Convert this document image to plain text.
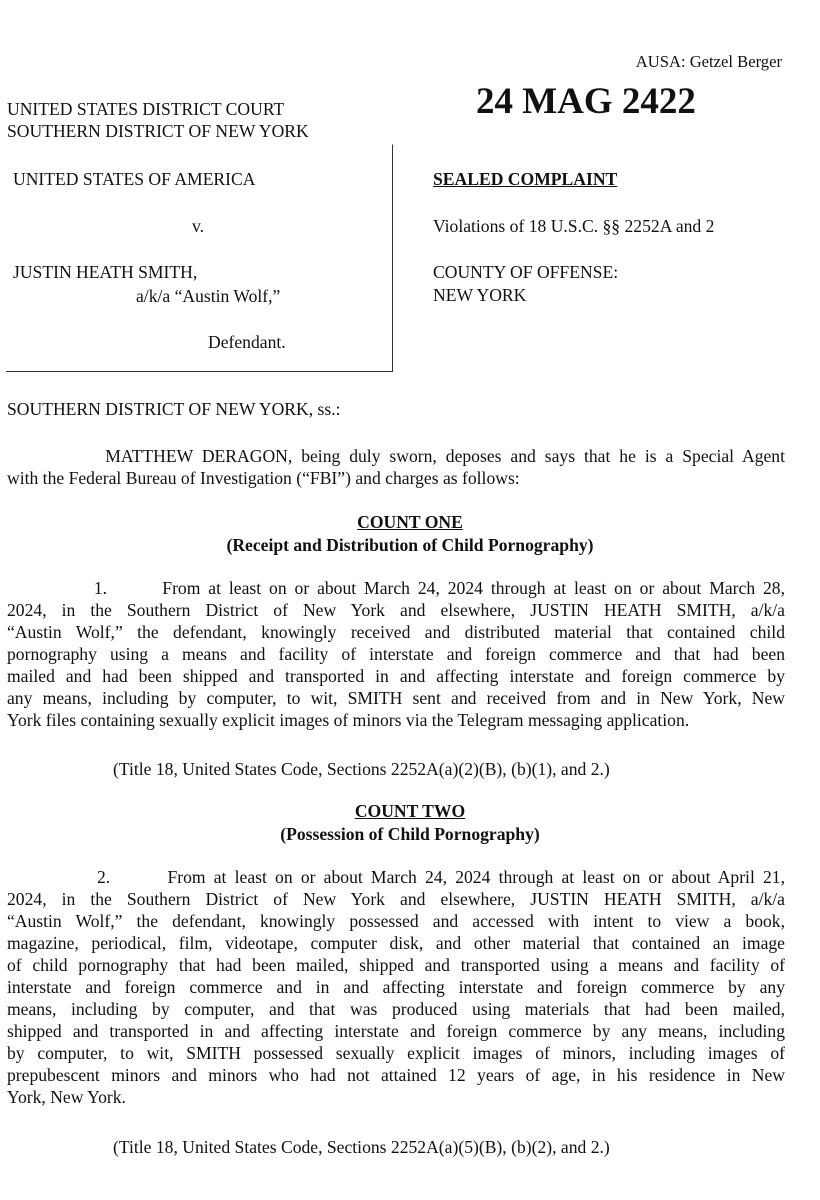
AUSA: Getzel Berger
UNITED STATES DISTRICT COURT
SOUTHERN DISTRICT OF NEW YORK
24 MAG 2422
UNITED STATES OF AMERICA
v.
JUSTIN HEATH SMITH,
a/k/a “Austin Wolf,”
Defendant.
SEALED COMPLAINT
Violations of 18 U.S.C. §§ 2252A and 2
COUNTY OF OFFENSE:
NEW YORK
SOUTHERN DISTRICT OF NEW YORK, ss.:
MATTHEW DERAGON, being duly sworn, deposes and says that he is a Special Agent
with the Federal Bureau of Investigation (“FBI”) and charges as follows:
COUNT ONE
(Receipt and Distribution of Child Pornography)
1.       From at least on or about March 24, 2024 through at least on or about March 28,
2024, in the Southern District of New York and elsewhere, JUSTIN HEATH SMITH, a/k/a
“Austin Wolf,” the defendant, knowingly received and distributed material that contained child
pornography using a means and facility of interstate and foreign commerce and that had been
mailed and had been shipped and transported in and affecting interstate and foreign commerce by
any means, including by computer, to wit, SMITH sent and received from and in New York, New
York files containing sexually explicit images of minors via the Telegram messaging application.
(Title 18, United States Code, Sections 2252A(a)(2)(B), (b)(1), and 2.)
COUNT TWO
(Possession of Child Pornography)
2.       From at least on or about March 24, 2024 through at least on or about April 21,
2024, in the Southern District of New York and elsewhere, JUSTIN HEATH SMITH, a/k/a
“Austin Wolf,” the defendant, knowingly possessed and accessed with intent to view a book,
magazine, periodical, film, videotape, computer disk, and other material that contained an image
of child pornography that had been mailed, shipped and transported using a means and facility of
interstate and foreign commerce and in and affecting interstate and foreign commerce by any
means, including by computer, and that was produced using materials that had been mailed,
shipped and transported in and affecting interstate and foreign commerce by any means, including
by computer, to wit, SMITH possessed sexually explicit images of minors, including images of
prepubescent minors and minors who had not attained 12 years of age, in his residence in New
York, New York.
(Title 18, United States Code, Sections 2252A(a)(5)(B), (b)(2), and 2.)
